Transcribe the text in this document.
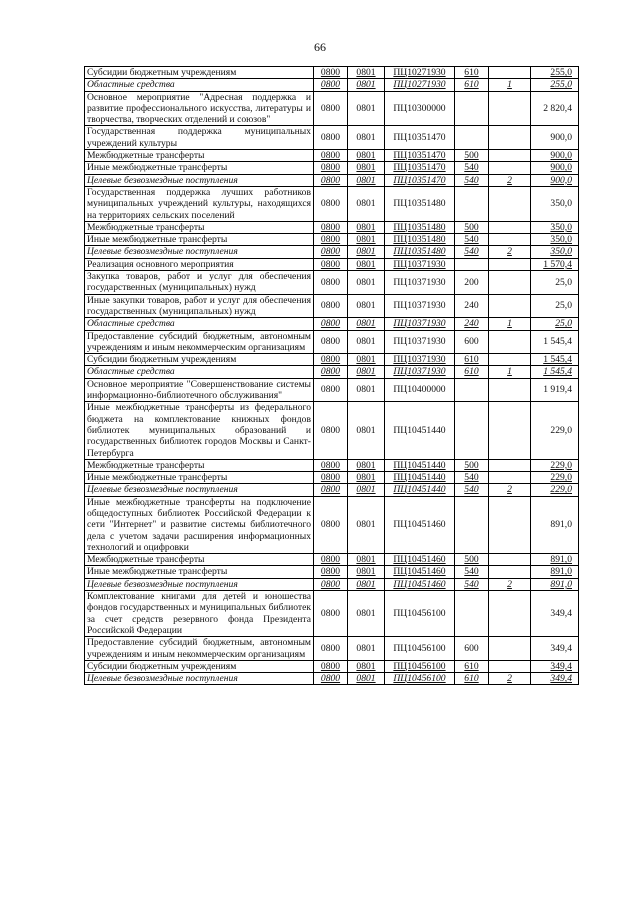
66
Субсидии бюджетным учреждениям	0800	0801	ПЦ10271930	610		255,0
Областные средства	0800	0801	ПЦ10271930	610	1	255,0
Основное мероприятие "Адресная поддержка и развитие профессионального искусства, литературы и творчества, творческих отделений и союзов"	0800	0801	ПЦ10300000			2 820,4
Государственная поддержка муниципальных учреждений культуры	0800	0801	ПЦ10351470			900,0
Межбюджетные трансферты	0800	0801	ПЦ10351470	500		900,0
Иные межбюджетные трансферты	0800	0801	ПЦ10351470	540		900,0
Целевые безвозмездные поступления	0800	0801	ПЦ10351470	540	2	900,0
Государственная поддержка лучших работников муниципальных учреждений культуры, находящихся на территориях сельских поселений	0800	0801	ПЦ10351480			350,0
Межбюджетные трансферты	0800	0801	ПЦ10351480	500		350,0
Иные межбюджетные трансферты	0800	0801	ПЦ10351480	540		350,0
Целевые безвозмездные поступления	0800	0801	ПЦ10351480	540	2	350,0
Реализация основного мероприятия	0800	0801	ПЦ10371930			1 570,4
Закупка товаров, работ и услуг для обеспечения государственных (муниципальных) нужд	0800	0801	ПЦ10371930	200		25,0
Иные закупки товаров, работ и услуг для обеспечения государственных (муниципальных) нужд	0800	0801	ПЦ10371930	240		25,0
Областные средства	0800	0801	ПЦ10371930	240	1	25,0
Предоставление субсидий бюджетным, автономным учреждениям и иным некоммерческим организациям	0800	0801	ПЦ10371930	600		1 545,4
Субсидии бюджетным учреждениям	0800	0801	ПЦ10371930	610		1 545,4
Областные средства	0800	0801	ПЦ10371930	610	1	1 545,4
Основное мероприятие "Совершенствование системы информационно-библиотечного обслуживания"	0800	0801	ПЦ10400000			1 919,4
Иные межбюджетные трансферты из федерального бюджета на комплектование книжных фондов библиотек муниципальных образований и государственных библиотек городов Москвы и Санкт-Петербурга	0800	0801	ПЦ10451440			229,0
Межбюджетные трансферты	0800	0801	ПЦ10451440	500		229,0
Иные межбюджетные трансферты	0800	0801	ПЦ10451440	540		229,0
Целевые безвозмездные поступления	0800	0801	ПЦ10451440	540	2	229,0
Иные межбюджетные трансферты на подключение общедоступных библиотек Российской Федерации к сети "Интернет" и развитие системы библиотечного дела с учетом задачи расширения информационных технологий и оцифровки	0800	0801	ПЦ10451460			891,0
Межбюджетные трансферты	0800	0801	ПЦ10451460	500		891,0
Иные межбюджетные трансферты	0800	0801	ПЦ10451460	540		891,0
Целевые безвозмездные поступления	0800	0801	ПЦ10451460	540	2	891,0
Комплектование книгами для детей и юношества фондов государственных и муниципальных библиотек за счет средств резервного фонда Президента Российской Федерации	0800	0801	ПЦ10456100			349,4
Предоставление субсидий бюджетным, автономным учреждениям и иным некоммерческим организациям	0800	0801	ПЦ10456100	600		349,4
Субсидии бюджетным учреждениям	0800	0801	ПЦ10456100	610		349,4
Целевые безвозмездные поступления	0800	0801	ПЦ10456100	610	2	349,4
